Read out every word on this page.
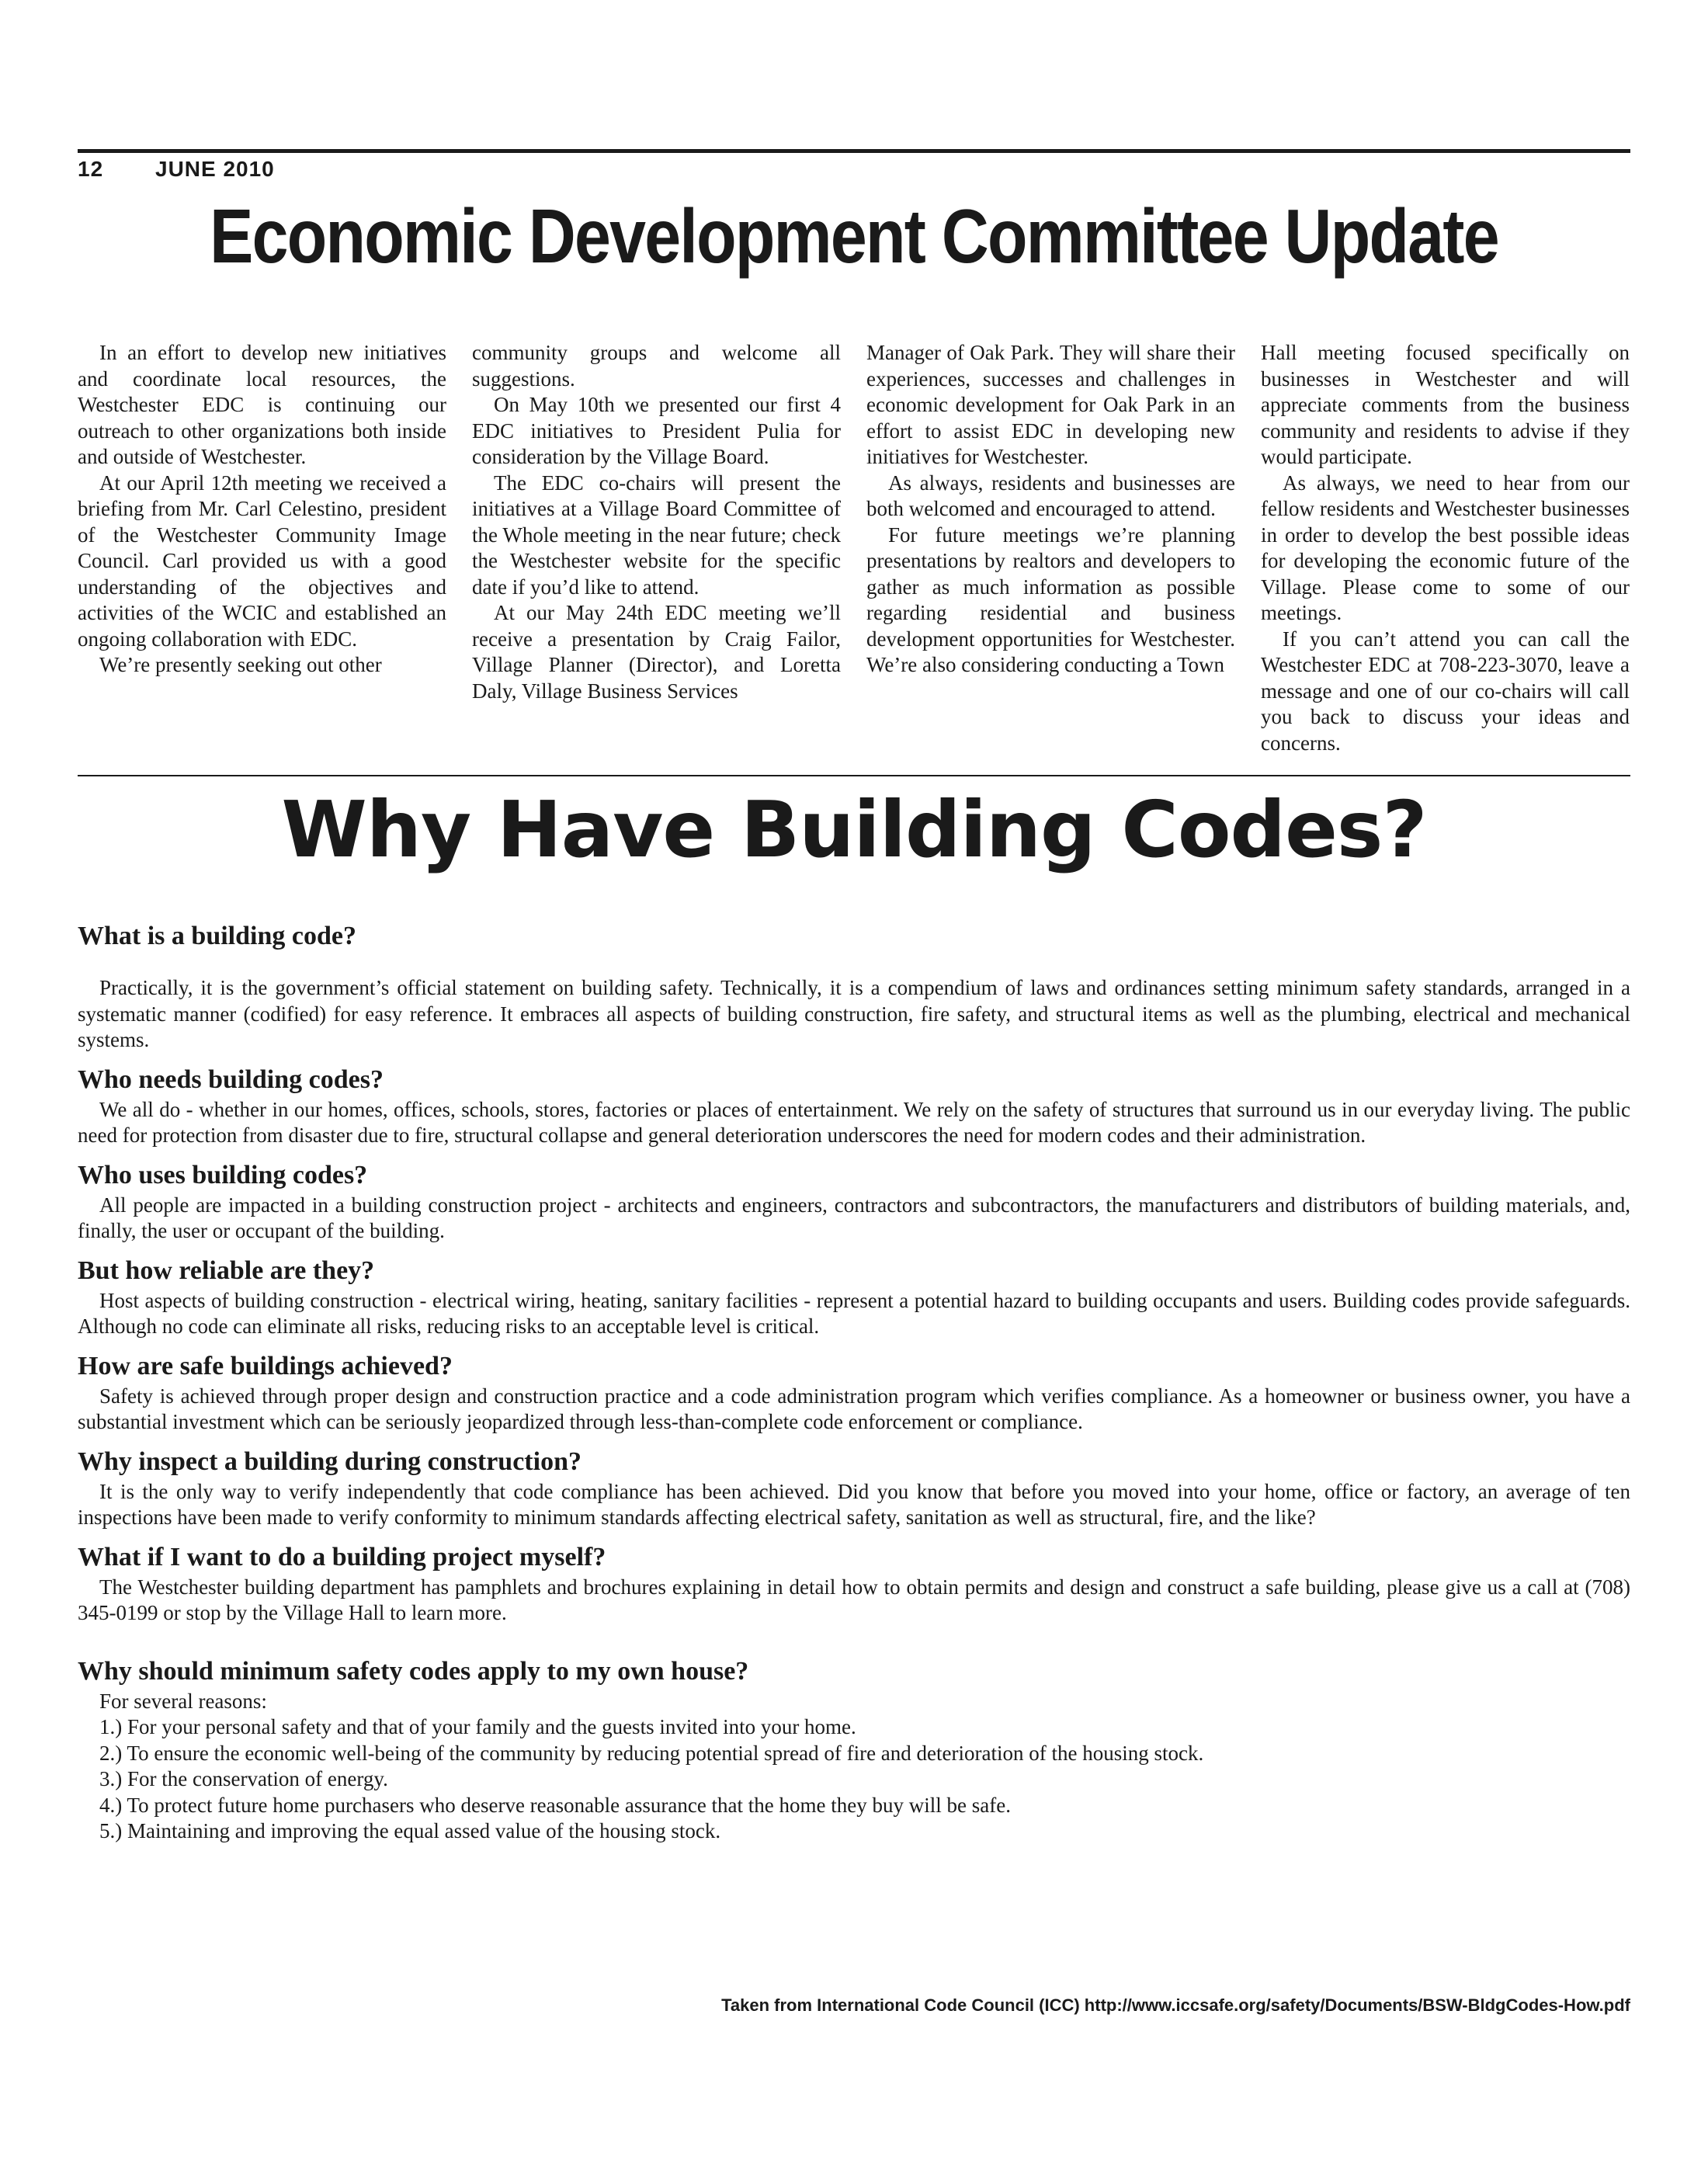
12 JUNE 2010
Economic Development Committee Update

In an effort to develop new initiatives and coordinate local resources, the Westchester EDC is continuing our outreach to other organizations both inside and outside of Westchester.

At our April 12th meeting we received a briefing from Mr. Carl Celestino, president of the Westchester Community Image Council. Carl provided us with a good understanding of the objectives and activities of the WCIC and established an ongoing collaboration with EDC.

We’re presently seeking out other

community groups and welcome all suggestions.

On May 10th we presented our first 4 EDC initiatives to President Pulia for consideration by the Village Board.

The EDC co-chairs will present the initiatives at a Village Board Committee of the Whole meeting in the near future; check the Westchester website for the specific date if you’d like to attend.

At our May 24th EDC meeting we’ll receive a presentation by Craig Failor, Village Planner (Director), and Loretta Daly, Village Business Services

Manager of Oak Park. They will share their experiences, successes and challenges in economic development for Oak Park in an effort to assist EDC in developing new initiatives for Westchester.

As always, residents and businesses are both welcomed and encouraged to attend.

For future meetings we’re planning presentations by realtors and developers to gather as much information as possible regarding residential and business development opportunities for Westchester. We’re also considering conducting a Town

Hall meeting focused specifically on businesses in Westchester and will appreciate comments from the business community and residents to advise if they would participate.

As always, we need to hear from our fellow residents and Westchester businesses in order to develop the best possible ideas for developing the economic future of the Village. Please come to some of our meetings.

If you can’t attend you can call the Westchester EDC at 708-223-3070, leave a message and one of our co-chairs will call you back to discuss your ideas and concerns.

Why Have Building Codes?
What is a building code?

Practically, it is the government’s official statement on building safety. Technically, it is a compendium of laws and ordinances setting minimum safety standards, arranged in a systematic manner (codified) for easy reference. It embraces all aspects of building construction, fire safety, and structural items as well as the plumbing, electrical and mechanical systems.

Who needs building codes?

We all do - whether in our homes, offices, schools, stores, factories or places of entertainment. We rely on the safety of structures that surround us in our everyday living. The public need for protection from disaster due to fire, structural collapse and general deterioration underscores the need for modern codes and their administration.

Who uses building codes?

All people are impacted in a building construction project - architects and engineers, contractors and subcontractors, the manufacturers and distributors of building materials, and, finally, the user or occupant of the building.

But how reliable are they?

Host aspects of building construction - electrical wiring, heating, sanitary facilities - represent a potential hazard to building occupants and users. Building codes provide safeguards. Although no code can eliminate all risks, reducing risks to an acceptable level is critical.

How are safe buildings achieved?

Safety is achieved through proper design and construction practice and a code administration program which verifies compliance. As a homeowner or business owner, you have a substantial investment which can be seriously jeopardized through less-than-complete code enforcement or compliance.

Why inspect a building during construction?

It is the only way to verify independently that code compliance has been achieved. Did you know that before you moved into your home, office or factory, an average of ten inspections have been made to verify conformity to minimum standards affecting electrical safety, sanitation as well as structural, fire, and the like?

What if I want to do a building project myself?

The Westchester building department has pamphlets and brochures explaining in detail how to obtain permits and design and construct a safe building, please give us a call at (708) 345-0199 or stop by the Village Hall to learn more.

Why should minimum safety codes apply to my own house?
For several reasons:
1.) For your personal safety and that of your family and the guests invited into your home.
2.) To ensure the economic well-being of the community by reducing potential spread of fire and deterioration of the housing stock.
3.) For the conservation of energy.
4.) To protect future home purchasers who deserve reasonable assurance that the home they buy will be safe.
5.) Maintaining and improving the equal assed value of the housing stock.
Taken from International Code Council (ICC) http://www.iccsafe.org/safety/Documents/BSW-BldgCodes-How.pdf
